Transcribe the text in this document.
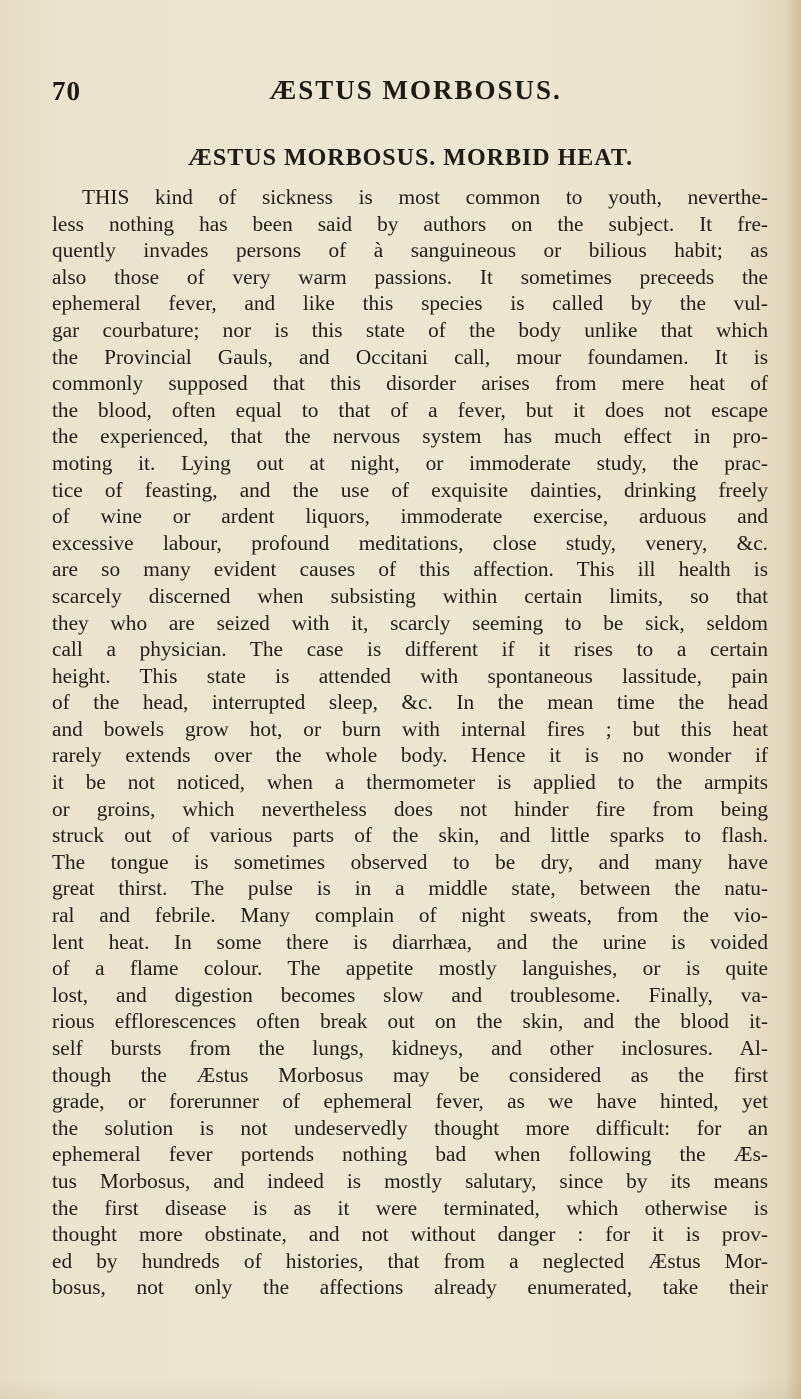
70	ÆSTUS MORBOSUS.
ÆSTUS MORBOSUS. MORBID HEAT.
THIS kind of sickness is most common to youth, neverthe-
less nothing has been said by authors on the subject. It fre-
quently invades persons of à sanguineous or bilious habit; as
also those of very warm passions. It sometimes preceeds the
ephemeral fever, and like this species is called by the vul-
gar courbature; nor is this state of the body unlike that which
the Provincial Gauls, and Occitani call, mour foundamen. It is
commonly supposed that this disorder arises from mere heat of
the blood, often equal to that of a fever, but it does not escape
the experienced, that the nervous system has much effect in pro-
moting it. Lying out at night, or immoderate study, the prac-
tice of feasting, and the use of exquisite dainties, drinking freely
of wine or ardent liquors, immoderate exercise, arduous and
excessive labour, profound meditations, close study, venery, &c.
are so many evident causes of this affection. This ill health is
scarcely discerned when subsisting within certain limits, so that
they who are seized with it, scarcly seeming to be sick, seldom
call a physician. The case is different if it rises to a certain
height. This state is attended with spontaneous lassitude, pain
of the head, interrupted sleep, &c. In the mean time the head
and bowels grow hot, or burn with internal fires ; but this heat
rarely extends over the whole body. Hence it is no wonder if
it be not noticed, when a thermometer is applied to the armpits
or groins, which nevertheless does not hinder fire from being
struck out of various parts of the skin, and little sparks to flash.
The tongue is sometimes observed to be dry, and many have
great thirst. The pulse is in a middle state, between the natu-
ral and febrile. Many complain of night sweats, from the vio-
lent heat. In some there is diarrhæa, and the urine is voided
of a flame colour. The appetite mostly languishes, or is quite
lost, and digestion becomes slow and troublesome. Finally, va-
rious efflorescences often break out on the skin, and the blood it-
self bursts from the lungs, kidneys, and other inclosures. Al-
though the Æstus Morbosus may be considered as the first
grade, or forerunner of ephemeral fever, as we have hinted, yet
the solution is not undeservedly thought more difficult: for an
ephemeral fever portends nothing bad when following the Æs-
tus Morbosus, and indeed is mostly salutary, since by its means
the first disease is as it were terminated, which otherwise is
thought more obstinate, and not without danger : for it is prov-
ed by hundreds of histories, that from a neglected Æstus Mor-
bosus, not only the affections already enumerated, take their
